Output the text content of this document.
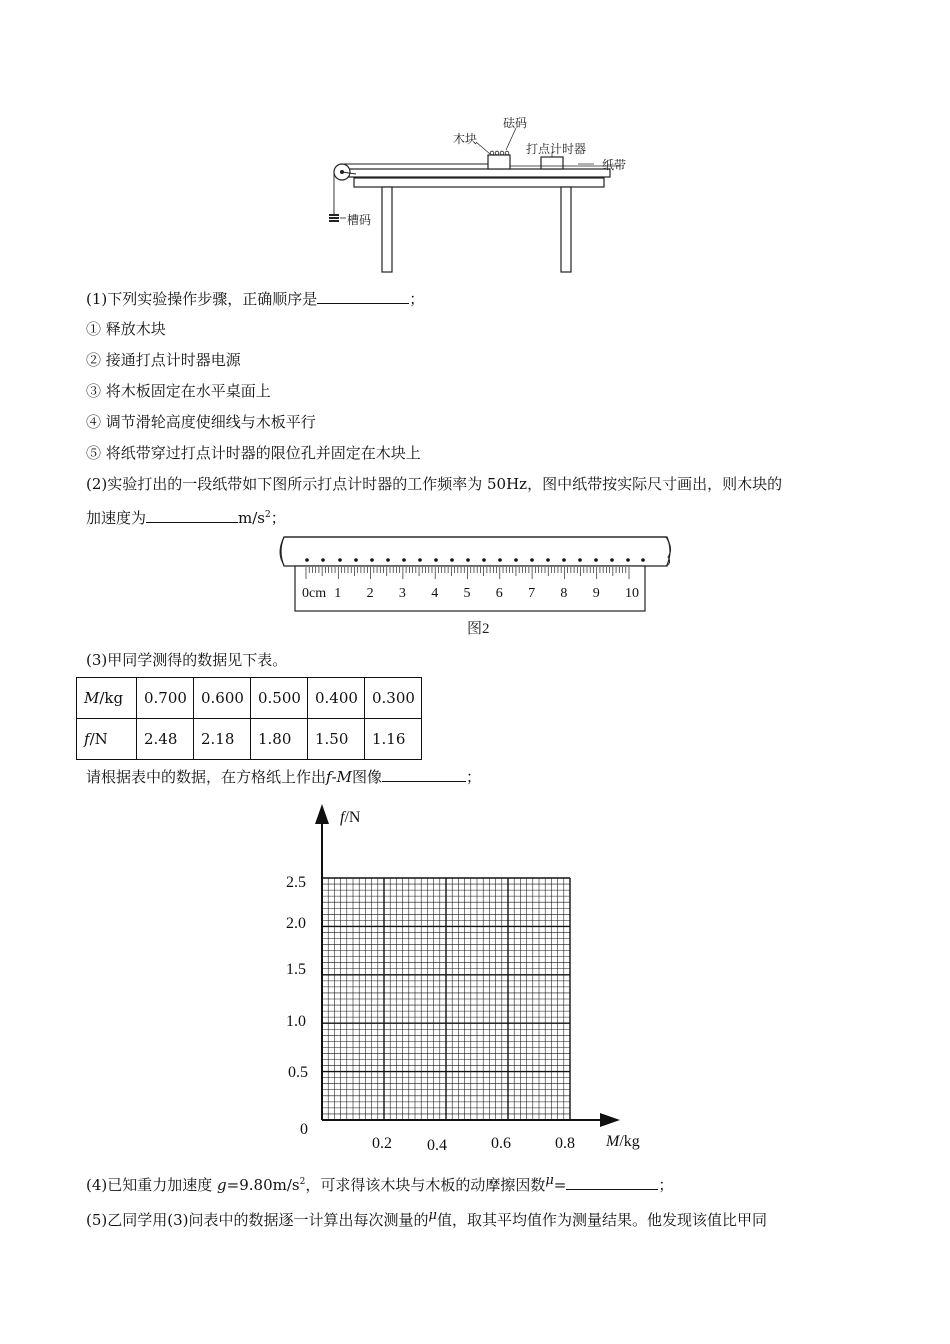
木块
砝码
打点计时器
纸带
槽码
(1)下列实验操作步骤，正确顺序是	；
① 释放木块
② 接通打点计时器电源
③ 将木板固定在水平桌面上
④ 调节滑轮高度使细线与木板平行
⑤ 将纸带穿过打点计时器的限位孔并固定在木块上
(2)实验打出的一段纸带如下图所示打点计时器的工作频率为 50Hz，图中纸带按实际尺寸画出，则木块的
加速度为	$m/s^2$；
0cm 1 2 3 4 5 6 7 8 9 10
图2
(3)甲同学测得的数据见下表。
M/kg	0.700	0.600	0.500	0.400	0.300
f/N	2.48	2.18	1.80	1.50	1.16
请根据表中的数据，在方格纸上作出f-M图像	；
f/N
M/kg
2.5
2.0
1.5
1.0
0.5
0
0.2 0.4	0.6	0.8
(4)已知重力加速度 $g=9.80m/s^2$，可求得该木块与木板的动摩擦因数μ=	；
(5)乙同学用(3)问表中的数据逐一计算出每次测量的μ值，取其平均值作为测量结果。他发现该值比甲同
